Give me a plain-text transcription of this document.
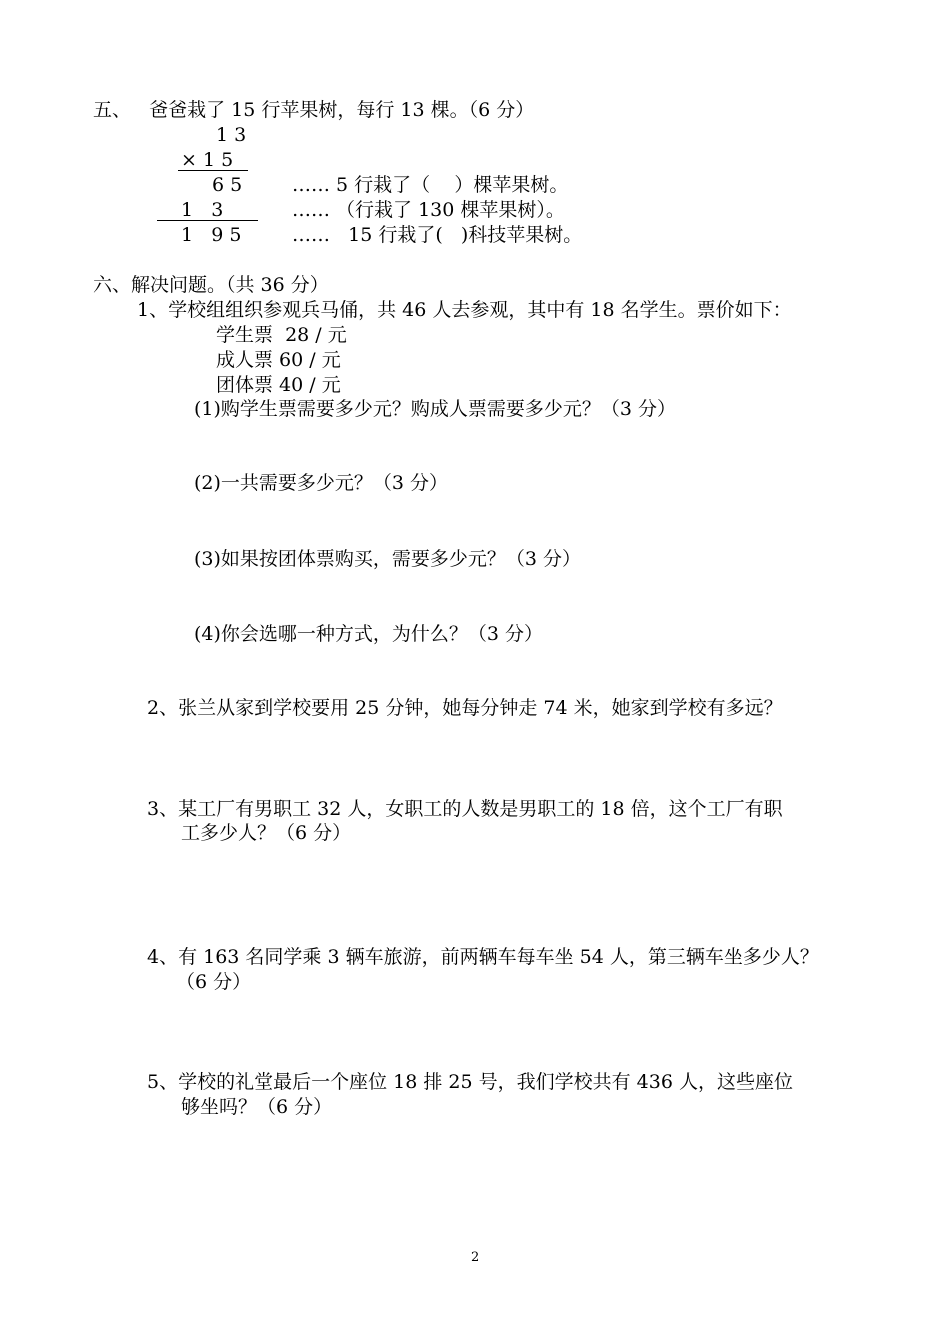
五、   爸爸栽了 15 行苹果树，每行 13 棵。（6 分）
1 3
× 1 5
6 5
1   3
1   9 5
…… 5 行栽了（    ）棵苹果树。
…… （行栽了 130 棵苹果树）。
……   15 行栽了(   )科技苹果树。
六、解决问题。（共 36 分）
1、学校组组织参观兵马俑，共 46 人去参观，其中有 18 名学生。票价如下：
学生票  28 / 元
成人票 60 / 元
团体票 40 / 元
(1)购学生票需要多少元？购成人票需要多少元？（3 分）
(2)一共需要多少元？（3 分）
(3)如果按团体票购买，需要多少元？（3 分）
(4)你会选哪一种方式，为什么？（3 分）
2、张兰从家到学校要用 25 分钟，她每分钟走 74 米，她家到学校有多远？
3、某工厂有男职工 32 人，女职工的人数是男职工的 18 倍，这个工厂有职
工多少人？（6 分）
4、有 163 名同学乘 3 辆车旅游，前两辆车每车坐 54 人，第三辆车坐多少人？
（6 分）
5、学校的礼堂最后一个座位 18 排 25 号，我们学校共有 436 人，这些座位
够坐吗？（6 分）
2
